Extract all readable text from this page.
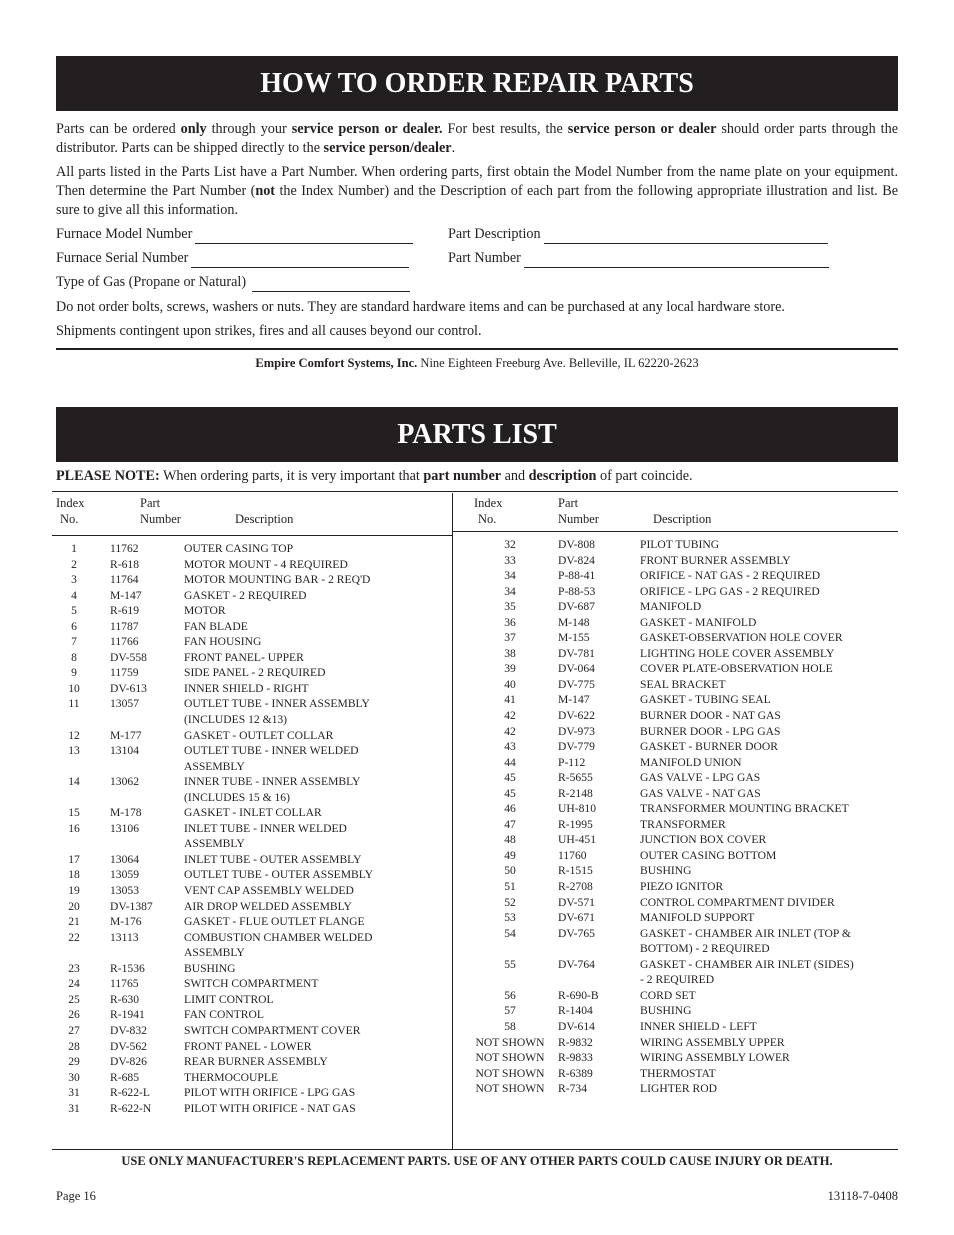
HOW TO ORDER REPAIR PARTS
Parts can be ordered only through your service person or dealer. For best results, the service person or dealer should order parts through the distributor. Parts can be shipped directly to the service person/dealer.
All parts listed in the Parts List have a Part Number. When ordering parts, first obtain the Model Number from the name plate on your equipment. Then determine the Part Number (not the Index Number) and the Description of each part from the following appropriate illustration and list. Be sure to give all this information.
Furnace Model Number	Part Description
Furnace Serial Number	Part Number
Type of Gas (Propane or Natural)
Do not order bolts, screws, washers or nuts. They are standard hardware items and can be purchased at any local hardware store.
Shipments contingent upon strikes, fires and all causes beyond our control.
Empire Comfort Systems, Inc. Nine Eighteen Freeburg Ave. Belleville, IL 62220-2623
PARTS LIST
PLEASE NOTE: When ordering parts, it is very important that part number and description of part coincide.
Index
No.
Part
Number	Description
Index
No.
Part
Number	Description
1	11762	OUTER CASING TOP
2	R-618	MOTOR MOUNT - 4 REQUIRED
3	11764	MOTOR MOUNTING BAR - 2 REQ'D
4	M-147	GASKET - 2 REQUIRED
5	R-619	MOTOR
6	11787	FAN BLADE
7	11766	FAN HOUSING
8	DV-558	FRONT PANEL- UPPER
9	11759	SIDE PANEL - 2 REQUIRED
10	DV-613	INNER SHIELD - RIGHT
11	13057	OUTLET TUBE - INNER ASSEMBLY
(INCLUDES 12 &13)
12	M-177	GASKET - OUTLET COLLAR
13	13104	OUTLET TUBE - INNER WELDED
ASSEMBLY
14	13062	INNER TUBE - INNER ASSEMBLY
(INCLUDES 15 & 16)
15	M-178	GASKET - INLET COLLAR
16	13106	INLET TUBE - INNER WELDED
ASSEMBLY
17	13064	INLET TUBE - OUTER ASSEMBLY
18	13059	OUTLET TUBE - OUTER ASSEMBLY
19	13053	VENT CAP ASSEMBLY WELDED
20	DV-1387	AIR DROP WELDED ASSEMBLY
21	M-176	GASKET - FLUE OUTLET FLANGE
22	13113	COMBUSTION CHAMBER WELDED
ASSEMBLY
23	R-1536	BUSHING
24	11765	SWITCH COMPARTMENT
25	R-630	LIMIT CONTROL
26	R-1941	FAN CONTROL
27	DV-832	SWITCH COMPARTMENT COVER
28	DV-562	FRONT PANEL - LOWER
29	DV-826	REAR BURNER ASSEMBLY
30	R-685	THERMOCOUPLE
31	R-622-L	PILOT WITH ORIFICE - LPG GAS
31	R-622-N	PILOT WITH ORIFICE - NAT GAS
32	DV-808	PILOT TUBING
33	DV-824	FRONT BURNER ASSEMBLY
34	P-88-41	ORIFICE - NAT GAS - 2 REQUIRED
34	P-88-53	ORIFICE - LPG GAS - 2 REQUIRED
35	DV-687	MANIFOLD
36	M-148	GASKET - MANIFOLD
37	M-155	GASKET-OBSERVATION HOLE COVER
38	DV-781	LIGHTING HOLE COVER ASSEMBLY
39	DV-064	COVER PLATE-OBSERVATION HOLE
40	DV-775	SEAL BRACKET
41	M-147	GASKET - TUBING SEAL
42	DV-622	BURNER DOOR - NAT GAS
42	DV-973	BURNER DOOR - LPG GAS
43	DV-779	GASKET - BURNER DOOR
44	P-112	MANIFOLD UNION
45	R-5655	GAS VALVE - LPG GAS
45	R-2148	GAS VALVE - NAT GAS
46	UH-810	TRANSFORMER MOUNTING BRACKET
47	R-1995	TRANSFORMER
48	UH-451	JUNCTION BOX COVER
49	11760	OUTER CASING BOTTOM
50	R-1515	BUSHING
51	R-2708	PIEZO IGNITOR
52	DV-571	CONTROL COMPARTMENT DIVIDER
53	DV-671	MANIFOLD SUPPORT
54	DV-765	GASKET - CHAMBER AIR INLET (TOP &
BOTTOM) - 2 REQUIRED
55	DV-764	GASKET - CHAMBER AIR INLET (SIDES)
- 2 REQUIRED
56	R-690-B	CORD SET
57	R-1404	BUSHING
58	DV-614	INNER SHIELD - LEFT
NOT SHOWN	R-9832	WIRING ASSEMBLY UPPER
NOT SHOWN	R-9833	WIRING ASSEMBLY LOWER
NOT SHOWN	R-6389	THERMOSTAT
NOT SHOWN	R-734	LIGHTER ROD
USE ONLY MANUFACTURER'S REPLACEMENT PARTS. USE OF ANY OTHER PARTS COULD CAUSE INJURY OR DEATH.
Page 16	13118-7-0408
